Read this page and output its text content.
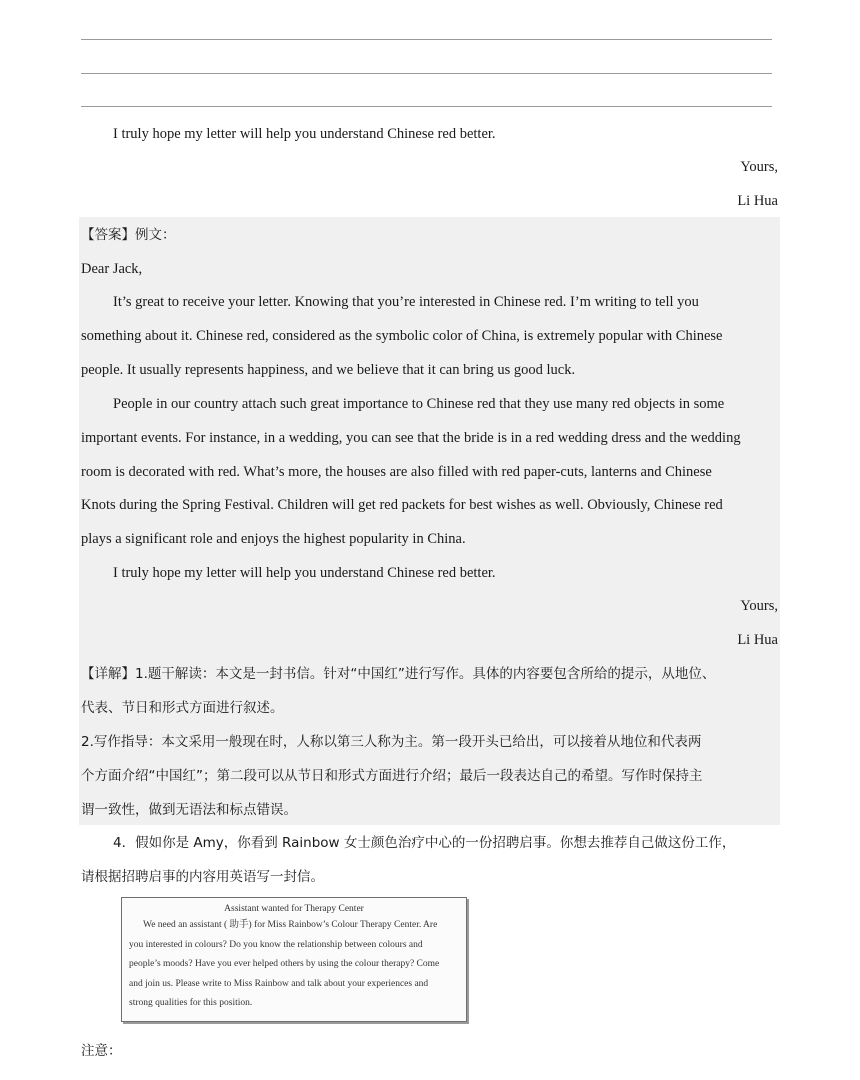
I truly hope my letter will help you understand Chinese red better.
Yours,
Li Hua
【答案】例文：
Dear Jack,
It’s great to receive your letter. Knowing that you’re interested in Chinese red. I’m writing to tell you
something about it. Chinese red, considered as the symbolic color of China, is extremely popular with Chinese
people. It usually represents happiness, and we believe that it can bring us good luck.
People in our country attach such great importance to Chinese red that they use many red objects in some
important events. For instance, in a wedding, you can see that the bride is in a red wedding dress and the wedding
room is decorated with red. What’s more, the houses are also filled with red paper-cuts, lanterns and Chinese
Knots during the Spring Festival. Children will get red packets for best wishes as well. Obviously, Chinese red
plays a significant role and enjoys the highest popularity in China.
I truly hope my letter will help you understand Chinese red better.
Yours,
Li Hua
【详解】1.题干解读：本文是一封书信。针对“中国红”进行写作。具体的内容要包含所给的提示，从地位、
代表、节日和形式方面进行叙述。
2.写作指导：本文采用一般现在时，人称以第三人称为主。第一段开头已给出，可以接着从地位和代表两
个方面介绍“中国红”；第二段可以从节日和形式方面进行介绍；最后一段表达自己的希望。写作时保持主
谓一致性，做到无语法和标点错误。
4．假如你是 Amy，你看到 Rainbow 女士颜色治疗中心的一份招聘启事。你想去推荐自己做这份工作，
请根据招聘启事的内容用英语写一封信。
Assistant wanted for Therapy Center
We need an assistant ( 助手) for Miss Rainbow’s Colour Therapy Center. Are
you interested in colours? Do you know the relationship between colours and
people’s moods? Have you ever helped others by using the colour therapy? Come
and join us. Please write to Miss Rainbow and talk about your experiences and
strong qualities for this position.
注意：
